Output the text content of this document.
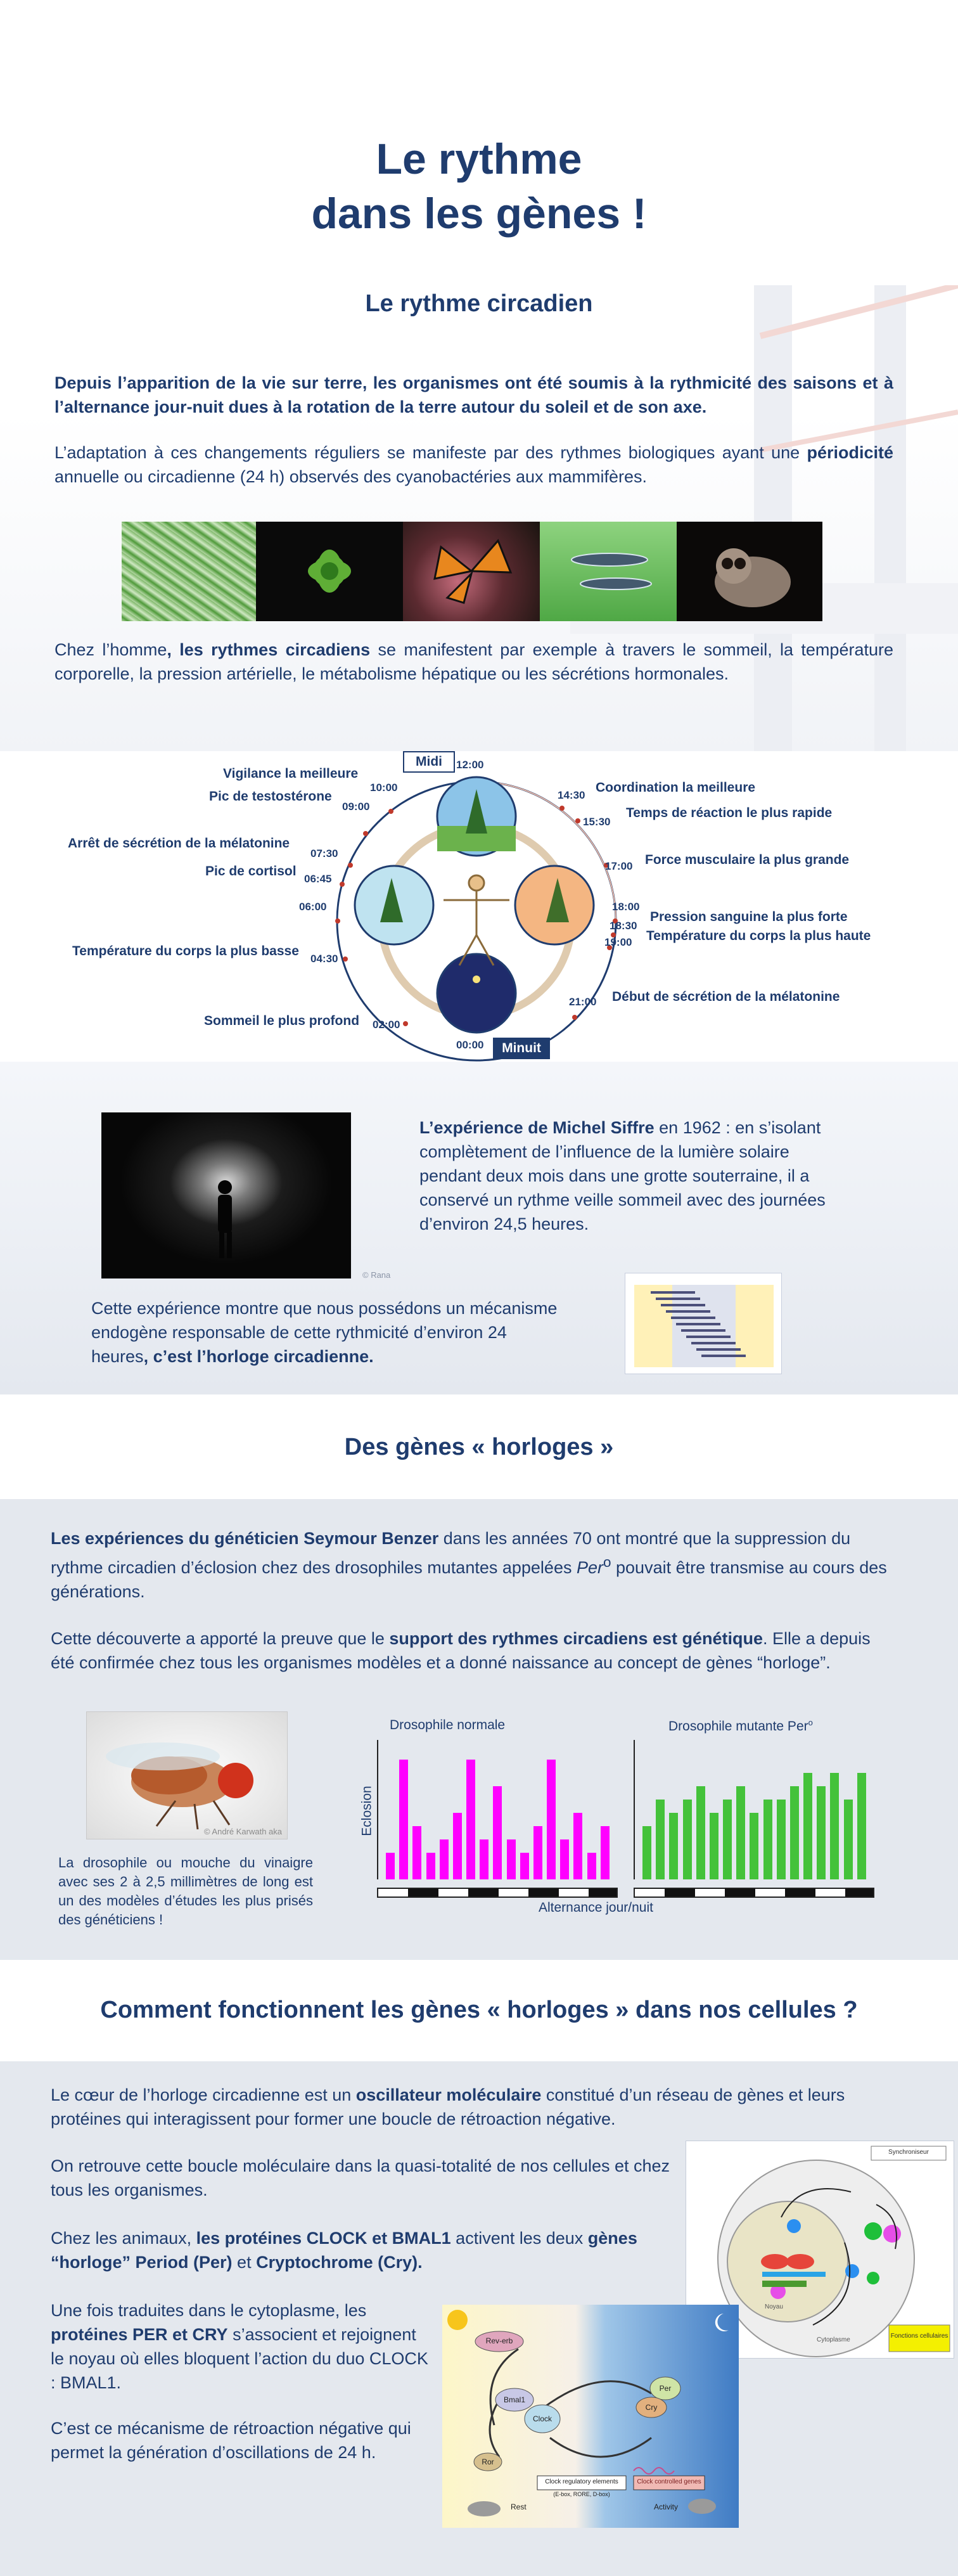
Le rythme
dans les gènes !
Le rythme circadien

Depuis l’apparition de la vie sur terre, les organismes ont été soumis à la rythmicité des saisons et à l’alternance jour-nuit dues à la rotation de la terre autour du soleil et de son axe.

L’adaptation à ces changements réguliers se manifeste par des rythmes biologiques ayant une périodicité annuelle ou circadienne (24 h) observés des cyanobactéries aux mammifères.

Chez l’homme, les rythmes circadiens se manifestent par exemple à travers le sommeil, la température corporelle, la pression artérielle, le métabolisme hépatique ou les sécrétions hormonales.

Midi
Minuit
12:00
14:30
15:30
17:00
18:00
18:30
19:00
21:00
00:00
02:00
04:30
06:00
06:45
07:30
09:00
10:00
Vigilance la meilleure
Pic de testostérone
Arrêt de sécrétion de la mélatonine
Pic de cortisol
Température du corps la plus basse
Sommeil le plus profond
Coordination la meilleure
Temps de réaction le plus rapide
Force musculaire la plus grande
Pression sanguine la plus forte
Température du corps la plus haute
Début de sécrétion de la mélatonine
© Rana

L’expérience de Michel Siffre en 1962 : en s’isolant complètement de l’influence de la lumière solaire pendant deux mois dans une grotte souterraine, il a conservé un rythme veille sommeil avec des journées d’environ 24,5 heures.

Cette expérience montre que nous possédons un mécanisme endogène responsable de cette rythmicité d’environ 24 heures, c’est l’horloge circadienne.

Des gènes « horloges »

Les expériences du généticien Seymour Benzer dans les années 70 ont montré que la suppression du rythme circadien d’éclosion chez des drosophiles mutantes appelées Per$^o$ pouvait être transmise au cours des générations.

Cette découverte a apporté la preuve que le support des rythmes circadiens est génétique. Elle a depuis été confirmée chez tous les organismes modèles et a donné naissance au concept de gènes “horloge”.

© André Karwath aka

La drosophile ou mouche du vinaigre avec ses 2 à 2,5 millimètres de long est un des modèles d’études les plus prisés des généticiens !

Drosophile normale	Drosophile mutante Per$^o$
Eclosion
Alternance jour/nuit
Comment fonctionnent les gènes « horloges » dans nos cellules ?

Le cœur de l’horloge circadienne est un oscillateur moléculaire constitué d’un réseau de gènes et leurs protéines qui interagissent pour former une boucle de rétroaction négative.

On retrouve cette boucle moléculaire dans la quasi-totalité de nos cellules et chez tous les organismes.

Chez les animaux, les protéines CLOCK et BMAL1 activent les deux gènes “horloge” Period (Per) et Cryptochrome (Cry).

Une fois traduites dans le cytoplasme, les protéines PER et CRY s’associent et rejoignent le noyau où elles bloquent l’action du duo CLOCK : BMAL1.

C’est ce mécanisme de rétroaction négative qui permet la génération d’oscillations de 24 h.

Synchroniseur
Noyau
Cytoplasme
Fonctions cellulaires
Rev-erb
Bmal1
Clock
Per
Cry
Ror
Clock regulatory elements
(E-box, RORE, D-box)
Clock controlled genes
Rest	Activity
